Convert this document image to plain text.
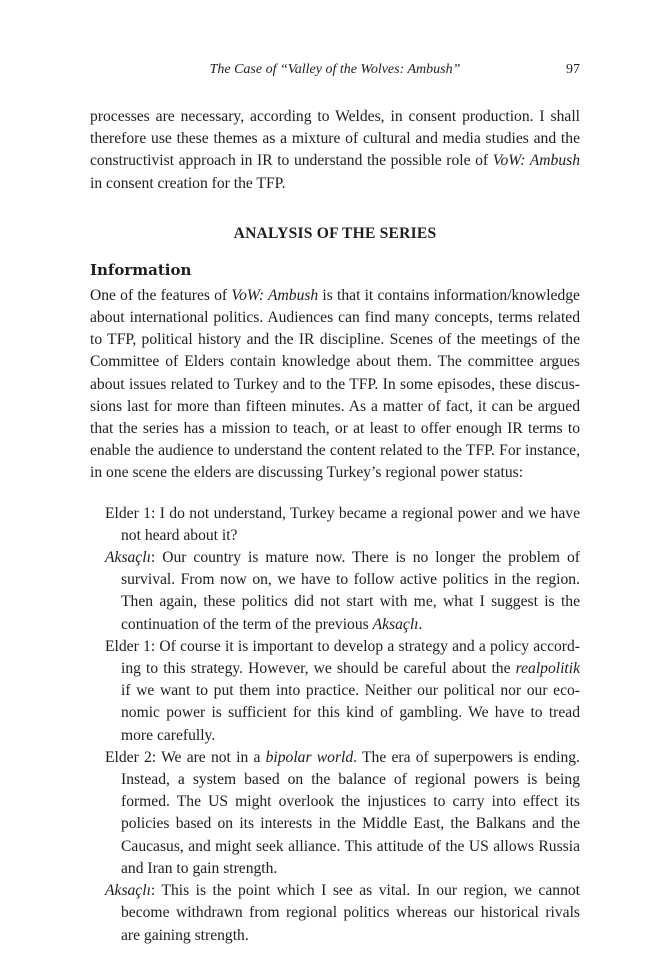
The Case of “Valley of the Wolves: Ambush”	97

processes are necessary, according to Weldes, in consent production. I shall therefore use these themes as a mixture of cultural and media studies and the constructivist approach in IR to understand the possible role of VoW: Ambush in consent creation for the TFP.

ANALYSIS OF THE SERIES
Information

One of the features of VoW: Ambush is that it contains information/knowledge about international politics. Audiences can find many concepts, terms related to TFP, political history and the IR discipline. Scenes of the meetings of the Committee of Elders contain knowledge about them. The committee argues about issues related to Turkey and to the TFP. In some episodes, these discussions last for more than fifteen minutes. As a matter of fact, it can be argued that the series has a mission to teach, or at least to offer enough IR terms to enable the audience to understand the content related to the TFP. For instance, in one scene the elders are discussing Turkey’s regional power status:

Elder 1: I do not understand, Turkey became a regional power and we have not heard about it?
Aksaçlı: Our country is mature now. There is no longer the problem of survival. From now on, we have to follow active politics in the region. Then again, these politics did not start with me, what I suggest is the continuation of the term of the previous Aksaçlı.
Elder 1: Of course it is important to develop a strategy and a policy according to this strategy. However, we should be careful about the realpolitik if we want to put them into practice. Neither our political nor our economic power is sufficient for this kind of gambling. We have to tread more carefully.
Elder 2: We are not in a bipolar world. The era of superpowers is ending. Instead, a system based on the balance of regional powers is being formed. The US might overlook the injustices to carry into effect its policies based on its interests in the Middle East, the Balkans and the Caucasus, and might seek alliance. This attitude of the US allows Russia and Iran to gain strength.
Aksaçlı: This is the point which I see as vital. In our region, we cannot become withdrawn from regional politics whereas our historical rivals are gaining strength.
